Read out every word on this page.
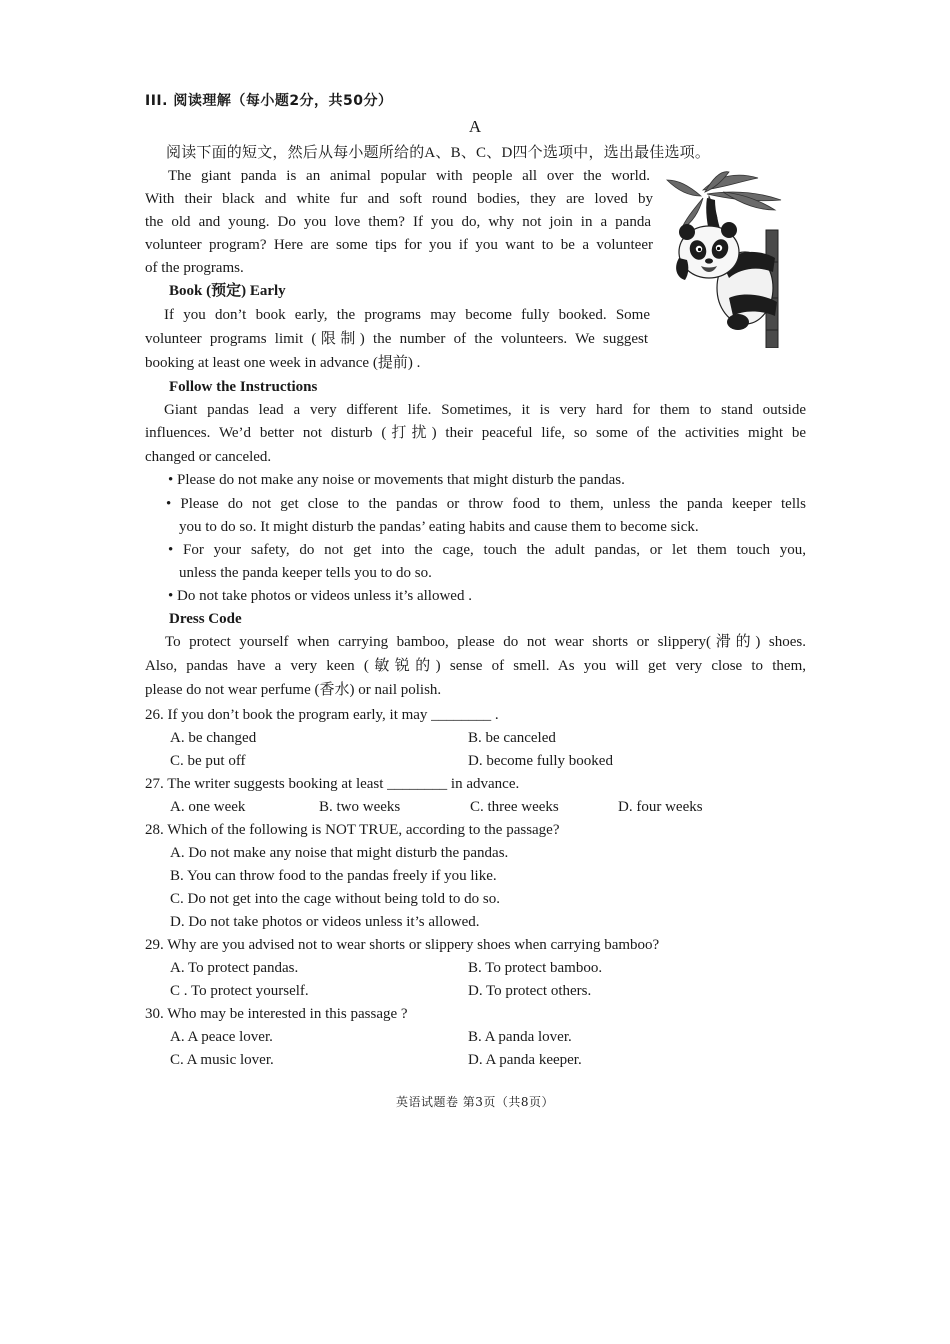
III. 阅读理解（每小题2分，共50分）
A
阅读下面的短文，然后从每小题所给的A、B、C、D四个选项中，选出最佳选项。
The giant panda is an animal popular with people all over the world.
With their black and white fur and soft round bodies, they are loved by
the old and young. Do you love them? If you do, why not join in a panda
volunteer program? Here are some tips for you if you want to be a volunteer
of the programs.
Book (预定) Early
If you don’t book early, the programs may become fully booked. Some
volunteer programs limit (限制) the number of the volunteers. We suggest
booking at least one week in advance (提前) .
Follow the Instructions
Giant pandas lead a very different life. Sometimes, it is very hard for them to stand outside
influences. We’d better not disturb (打扰) their peaceful life, so some of the activities might be
changed or canceled.
• Please do not make any noise or movements that might disturb the pandas.
• Please do not get close to the pandas or throw food to them, unless the panda keeper tells
you to do so. It might disturb the pandas’ eating habits and cause them to become sick.
• For your safety, do not get into the cage, touch the adult pandas, or let them touch you,
unless the panda keeper tells you to do so.
• Do not take photos or videos unless it’s allowed .
Dress Code
To protect yourself when carrying bamboo, please do not wear shorts or slippery(滑的) shoes.
Also, pandas have a very keen (敏锐的) sense of smell. As you will get very close to them,
please do not wear perfume (香水) or nail polish.
26. If you don’t book the program early, it may ________ .
A. be changed	B. be canceled
C. be put off	D. become fully booked
27. The writer suggests booking at least ________ in advance.
A. one week	B. two weeks	C. three weeks	D. four weeks
28. Which of the following is NOT TRUE, according to the passage?
A. Do not make any noise that might disturb the pandas.
B. You can throw food to the pandas freely if you like.
C. Do not get into the cage without being told to do so.
D. Do not take photos or videos unless it’s allowed.
29. Why are you advised not to wear shorts or slippery shoes when carrying bamboo?
A. To protect pandas.	B. To protect bamboo.
C . To protect yourself.	D. To protect others.
30. Who may be interested in this passage ?
A. A peace lover.	B. A panda lover.
C. A music lover.	D. A panda keeper.
英语试题卷 第3页（共8页）
